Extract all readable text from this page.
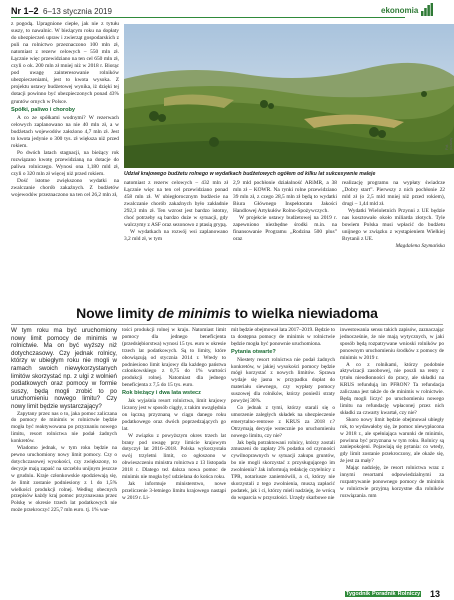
Nr 1–2 6–13 stycznia 2019	ekonomia

z pogodą. Upragnione ciepłe, jak nie z tytułu suszy, to nawalnic. W bieżącym roku na dopłaty do ubezpieczeń upraw i zwierząt gospodarskich z puli na rolnictwo przeznaczono 100 mln zł, natomiast z rezerw celowych – 550 mln zł. Łącznie więc przewidziano na ten cel 650 mln zł, czyli o ok. 200 mln zł mniej niż w 2018 r. Biorąc pod uwagę zainteresowanie rolników ubezpieczeniami, jest to kwota wysoka. Z projektu ustawy budżetowej wynika, iż dzięki tej dotacji powinno być ubezpieczonych ponad 43% gruntów ornych w Polsce.

Spółki, paliwo i choroby

A co ze spółkami wodnymi? W rezerwach celowych zaplanowano na nie 40 mln zł, a w budżetach wojewodów założono 4,7 mln zł. Jest to kwota jedynie o 300 tys. zł większa niż przed rokiem.

Po dwóch latach stagnacji, na bieżący rok rozwiązano kwotę przewidzianą na dotacje do paliwa rolniczego. Wynosi ona 1,180 mld zł, czyli o 320 mln zł więcej niż przed rokiem.

Dość istotne zwiększono wydatki na zwalczanie chorób zakaźnych. Z budżetów wojewodów przeznaczono na ten cel 26,2 mln zł,

Fot. pixabay
Udział krajowego budżetu rolnego w wydatkach budżetowych ogółem od kilku lat sukcesywnie maleje

natomiast z rezerw celowych – 432 mln zł Łącznie więc na ten cel przewidziano ponad 458 mln zł. W ubiegłorocznym budżecie na zwalczanie chorób zakaźnych było zakładnie 292,3 mln zł. Ten wzrost jest bardzo istotny, choć potrzeby są bardzo duże w sytuacji, gdy walczymy z ASF oraz sezonowo z ptasią grypą.

W wydatkach na rozwój wsi zaplanowano 3,2 mld zł, w tym

2,9 mld pochłonie działalność ARiMR, a 38 mln zł – KOWR. Na rynki rolne przewidziano 39 mln zł, z czego 28,5 mln zł będą to wydatki Biura Głównego Inspektoratu Jakości Handlowej Artykułów Rolno-Spożywczych.

W projekcie ustawy budżetowej na 2019 r. zapewniono niezbędne środki m.in. na finansowanie Programu „Rodzina 500 plus” oraz

realizację programu na wypłaty świadcze „Dobry start”. Pierwszy z nich pochłonie 22 mld zł (o 2,5 mld mniej niż przed rokiem), drugi – 1,44 mld zł.

Wydatki Wieloletnich Przynni z UE będzie nas kosztowało około miliarda złotych. Tyle bowiem Polska musi wpłacić do budżetu unijnego w związku z wystąpieniem Wielkiej Brytanii z UE.

Magdalena Szymańska

Nowe limity de minimis to wielka niewiadoma

W tym roku ma być uruchomiony nowy limit pomocy de minimis w rolnictwie. Ma on być wyższy niż dotychczasowy. Czy jednak rolnicy, którzy w ubiegłym roku nie mogli w ramach swoich niewykorzystanych limitów skorzystać np. z ulgi z wolnień podatkowych oraz pomocy w formie suszy, będą mogli zrobić to po uruchomieniu nowego limitu? Czy nowy limit będzie wystarczający?

Zapytany przez nas o to, jaka pomoc zaliczana do pomocy de minimis w rolnictwie będzie mogła być reaktywowana po przyznaniu nowego limitu, resort rolnictwa nie podał żadnych konkretów.

Wiadomo jednak, w tym roku będzie na pewno uruchomiony nowy limit pomocy. Czy o dotychczasowej wysokości, czy zwiększony, to decyzje mają zapaść na szczeblu unijnym jeszcze w grudniu. Kraje członkowskie spodziewają się, że limit zostanie podniesiony z 1 do 1,5% wielkości produkcji rolnej. Według obecnych przepisów każdy kraj pomoc przyznawana przez Polskę w okresie trzech lat podatkowych nie może przekroczyć 225,7 mln euro. tj. 1% war-

tości produkcji rolnej w kraju. Natomiast limit pomocy dla jednego beneficjenta (przedsiębiorstwa) wynosi 15 tys. euro w okresie trzech lat podatkowych. Są to limity, które obowiązują od stycznia 2014 r. Wtedy to podniesiono limit krajowy dla każdego państwa członkowskiego z 0,75 do 1% wartości produkcji rolnej. Natomiast dla jednego beneficjenta z 7,5 do 15 tys. euro.

Rok bieżący i dwa lata wstecz

Jak wyjaśnia resort rolnictwa, limit krajowy liczony jest w sposób ciągły, z takim uwzględnia on łączną przyznaną w ciągu danego roku podatkowego oraz dwóch poprzedzających go lat.

W związku z powyższym okres trzech lat brany pod uwagę przy limicie krajowym dotyczył lat 2016–2018. Polska wykorzystała swój trzyletni limit, co ogłoszono w obwieszczeniu ministra rolnictwa z 13 listopada 2018 r. Dlatego też dalsza nowa pomoc de minimis nie mogła być udzielana do końca roku.

Jak informuje ministerstwo, nowe przeliczenie 3-letniego limitu krajowego nastąpi w 2019 r. Li-

mit będzie obejmował lata 2017–2019. Będzie to ta dostępna pomocy de minimis w rolnictwie będzie mogła być ponownie uruchomiona.

Pytania otwarte?

Niestety resort rolnictwa nie podał żadnych konkretów, w jakiej wysokości pomocy będzie mógł korzystać z nowych limitów. Sprawa wydaje się jasna w przypadku dopłat do materiału siewnego, czy wypłaty pomocy suszowej dla rolników, którzy ponieśli straty powyżej 30%.

Co jednak z tymi, którzy starali się o umorzenie zaległych składek na ubezpieczenie emerytalno-rentowe z KRUS za 2018 r.? Otrzymają decyzje wstecznie po uruchomieniu nowego limitu, czy nie?

Jak będą potraktowani rolnicy, którzy zostali zmuszeni do zapłaty 2% podatku od czynności cywilnoprawnych w sytuacji zakupu gruntów, bo nie mogli skorzystać z przysługującego im zwolnienia? Jak informują redakcję czytelnicy z TPR, notariusze zaniemówili, a ci, którzy nie skorzystali z tego zwolnienia, muszą zapłacić podatek, jak i ci, którzy mieli nadzieję, że wrócą do wsparcia w przyszłości. Urzędy skarbowe nie

inwestowania sensu takich zapisów, zaznaczając jednocześnie, że nie mają wytycznych, w jaki sposób będą rozpatrywane wnioski rolników po ponownym uruchomieniu środków z pomocy de minimis w 2019 r.

A co z rolnikami, którzy podobnie aktywizacji zasobowej, nie poszli na renty z tytułu nieodłonności do pracy, ale składki na KRUS refundują im PFRON? Ta refundacja zaliczana jest także do de minimis w rolnictwie. Będą mogli liczyć po uruchomieniu nowego limitu na refundację wpłaconej przez nich składki za czwarty kwartał, czy nie?

Skoro nowy limit będzie obejmował ubiegły rok, to wydawałoby się, że pomoc niewypłacona w 2018 r., ale spełniająca warunki de minimis, powinna być przyznana w tym roku. Rolnicy są zaniepokojeni. Pojawiają się pytania: co wtedy, gdy limit zostanie przekroczony, ale okaże się, że jest za mały?

Mając nadzieję, że resort rolnictwa wraz z innymi resortami odpowiedzialnymi za rozpatrywanie ponownego pomocy de minimis w rolnictwie przyjmą korzystne dla rolników rozwiązania. mm

Tygodnik Poradnik Rolniczy 13
